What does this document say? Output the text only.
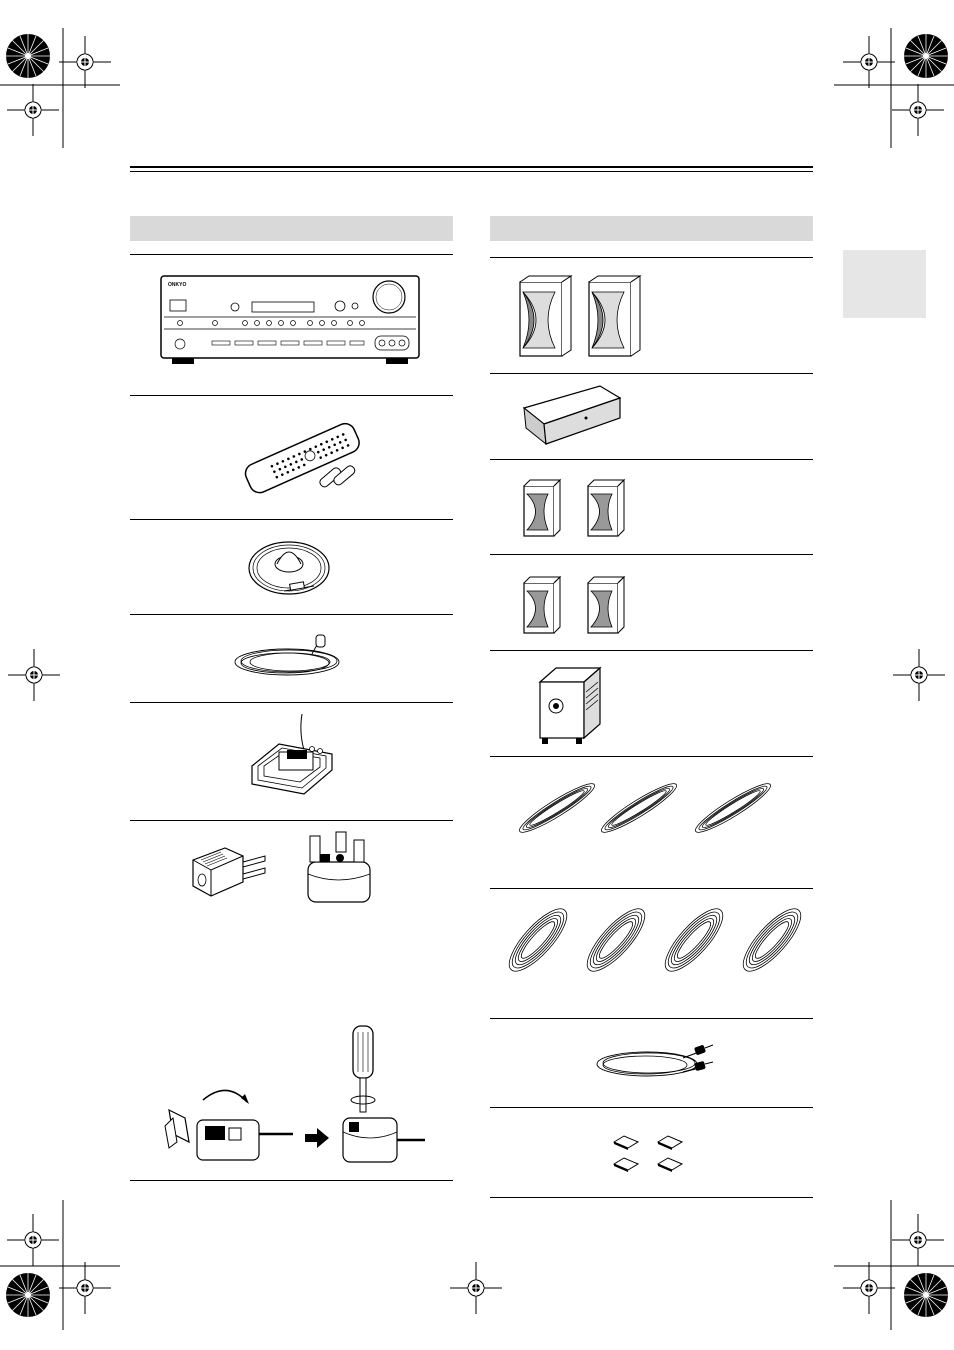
ONKYO
